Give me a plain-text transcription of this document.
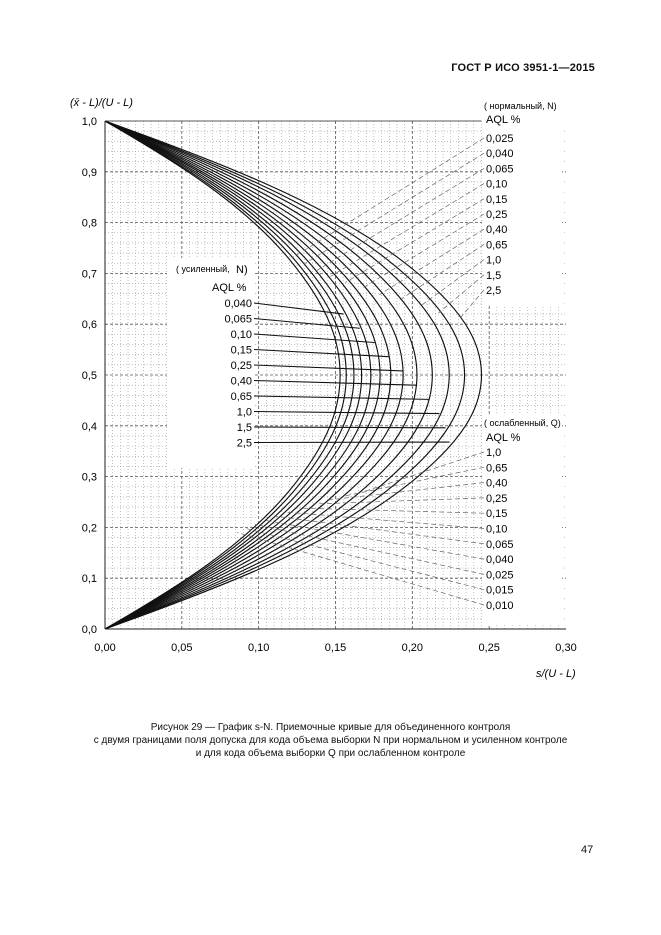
ГОСТ Р ИСО 3951-1—2015
0,00	0,05	0,10	0,15	0,20	0,25	0,30
0,0
0,1
0,2
0,3
0,4
0,5
0,6
0,7
0,8
0,9
1,0
( нормальный, N)
AQL %
( усиленный, N)
AQL %
( ослабленный, Q)
AQL %
0,025
0,040
0,065
0,10
0,15
0,25
0,40
0,65
1,0
1,5
2,5
0,040
0,065
0,10
0,15
0,25
0,40
0,65
1,0
1,5
2,5
1,0
0,65
0,40
0,25
0,15
0,10
0,065
0,040
0,025
0,015
0,010
(x̄ - L)/(U - L)
s/(U - L)
Рисунок 29 — График s-N. Приемочные кривые для объединенного контроля
с двумя границами поля допуска для кода объема выборки N при нормальном и усиленном контроле
и для кода объема выборки Q при ослабленном контроле
47
